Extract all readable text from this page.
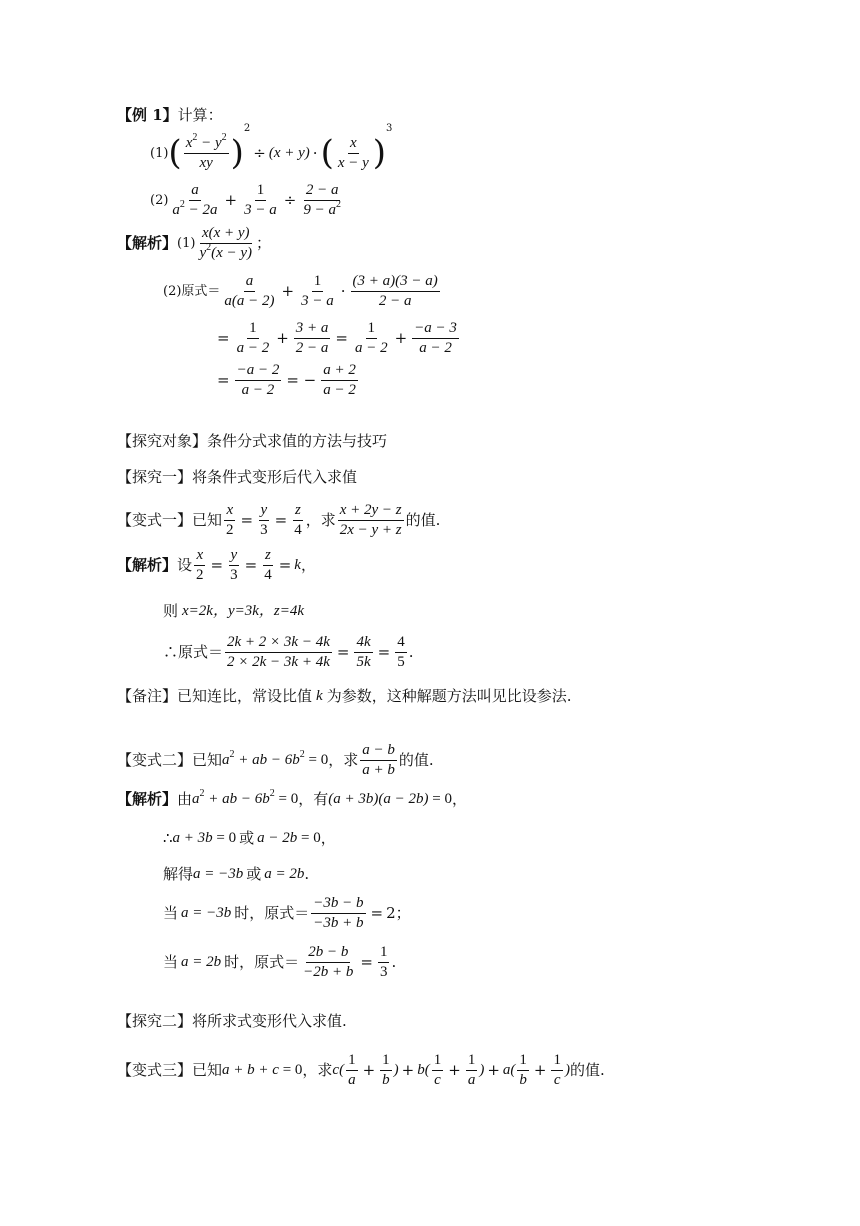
【例 1】 计算：
(1) ( $x^2 - y^2$
xy )
2
÷ (x + y) · ( x
x − y )
3
(2)
a
$a^2 - 2a$
+ $\frac{1}{3 - a} \div \frac{2 - a}{9 - a^2}$
【解析】 (1)
x(x + y)
$y^2(x - y)$
；
(2)原式＝
a
a(a − 2)
+ $\frac{1}{3 - a}$ ·
(3 + a)(3 − a)
2 − a
= $\frac{1}{a - 2} + \frac{3 + a}{2 - a} = \frac{1}{a - 2} + \frac{-a - 3}{a - 2}$
= $\frac{-a - 2}{a - 2}$ = − $\frac{a + 2}{a - 2}$
【探究对象】 条件分式求值的方法与技巧
【探究一】 将条件式变形后代入求值
【变式一】 已知 $\frac{x}{2} = \frac{y}{3} = \frac{z}{4}$ ，求
x + 2y − z
2x − y + z
的值.
【解析】 设 $\frac{x}{2} = \frac{y}{3} = \frac{z}{4} = k$ ，
则 x=2k，y=3k，z=4k
∴原式＝ $\frac{2k + 2 \times 3k - 4k}{2 \times 2k - 3k + 4k} = \frac{4k}{5k} = \frac{4}{5}$ .
【备注】 已知连比，常设比值 k 为参数，这种解题方法叫见比设参法.
【变式二】 已知 $a^2$ + ab − $6b^2 = 0$ ，求
a − b
a + b
的值.
【解析】 由 $a^2$ + ab − $6b^2 = 0$ ，有 (a + 3b)(a − 2b) = 0 ，
∴ a + 3b = 0 或 a − 2b = 0 ，
解得 a = −3b 或 a = 2b .
当 a = −3b 时，原式＝ $\frac{-3b - b}{-3b + b} = 2$；
当 a = 2b 时，原式＝ $\frac{2b - b}{-2b + b} = \frac{1}{3}$ .
【探究二】 将所求式变形代入求值.
【变式三】 已知 a + b + c = 0 ，求 c(
1
a
+ $\frac{1}{b}$ ) + b(
1
c
+ $\frac{1}{a}$ ) + a(
1
b
+ $\frac{1}{c}$ ) 的值.
